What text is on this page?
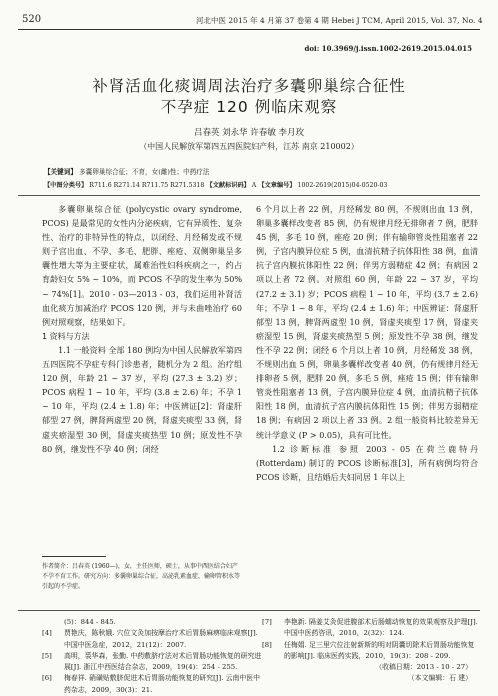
520	河北中医 2015 年 4 月第 37 卷第 4 期 Hebei J TCM, April 2015, Vol. 37, No. 4
doi: 10.3969/j.issn.1002-2619.2015.04.015
补肾活血化痰调周法治疗多囊卵巢综合征性
不孕症 120 例临床观察
吕春英 刘永华 许春敏 李月玫
（中国人民解放军第四五四医院妇产科，江苏 南京 210002）
【关键词】 多囊卵巢综合征；不育，女(雌)性；中药疗法
【中图分类号】 R711.6 R271.14 R711.75 R271.5318 【文献标识码】 A 【文章编号】 1002-2619(2015)04-0520-03

多囊卵巢综合征 (polycystic ovary syndrome, PCOS) 是最常见的女性内分泌疾病，它有异质性、复杂性、治疗的非特异性的特点，以闭经、月经稀发或不规则子宫出血、不孕、多毛、肥胖、痤疮、双侧卵巢呈多囊性增大等为主要症状，属难治性妇科疾病之一，约占育龄妇女 5% ~ 10%，而 PCOS 不孕的发生率为 50% ~ 74%[1]。2010 - 03—2013 - 03，我们运用补肾活血化痰方加减治疗 PCOS 120 例，并与未曲唑治疗 60 例对照观察，结果如下。

1 资料与方法

1.1 一般资料 全部 180 例均为中国人民解放军第四五四医院不孕症专科门诊患者，随机分为 2 组。治疗组 120 例，年龄 21 ~ 37 岁，平均 (27.3 ± 3.2) 岁；PCOS 病程 1 ~ 10 年，平均 (3.8 ± 2.6) 年；不孕 1 ~ 10 年，平均 (2.4 ± 1.8) 年；中医辨证[2]：肾虚肝郁型 27 例，脾肾两虚型 20 例，肾虚夹痰型 33 例，肾虚夹瘀湿型 30 例，肾虚夹痰热型 10 例；原发性不孕 80 例，继发性不孕 40 例；闭经

作者简介：吕春英 (1960—)，女，主任医师，硕士，从事中西医结合妇产不孕不育工作。研究方向：多囊卵巢综合征，高泌乳素血症，输卵管积水等引起的不孕症。

6 个月以上者 22 例，月经稀发 80 例，不规则出血 13 例，卵巢多囊样改变者 85 例，仍有规律月经无排卵者 7 例，肥胖 45 例，多毛 10 例，痤疮 20 例；伴有输卵管炎性阻塞者 22 例，子宫内膜异位症 5 例，血清抗精子抗体阳性 38 例，血清抗子宫内膜抗体阳性 22 例；伴男方弱精症 42 例；有病因 2 项以上者 72 例。对照组 60 例，年龄 22 ~ 37 岁，平均 (27.2 ± 3.1) 岁；PCOS 病程 1 ~ 10 年，平均 (3.7 ± 2.6) 年；不孕 1 ~ 8 年，平均 (2.4 ± 1.6) 年；中医辨证：肾虚肝郁型 13 例，脾肾两虚型 10 例，肾虚夹痰型 17 例，肾虚夹瘀湿型 15 例，肾虚夹痰热型 5 例；原发性不孕 38 例，继发性不孕 22 例；闭经 6 个月以上者 10 例，月经稀发 38 例，不规则出血 5 例，卵巢多囊样改变者 40 例，仍有规律月经无排卵者 5 例，肥胖 20 例，多毛 5 例，痤疮 15 例；伴有输卵管炎性阻塞者 13 例，子宫内膜异位症 4 例，血清抗精子抗体阳性 18 例，血清抗子宫内膜抗体阳性 15 例；伴男方弱精症 18 例；有病因 2 项以上者 33 例。2 组一般资料比较差异无统计学意义 (P > 0.05)，具有可比性。

1.2 诊断标准 参照 2003 - 05 在荷兰鹿特丹 (Rotterdam) 制订的 PCOS 诊断标准[3]，所有病例均符合 PCOS 诊断，且结婚后夫妇同居 1 年以上

(5)：844 - 845.
[4]	贾艳庆，陈秋娥. 穴位文灸加按摩治疗术后胃肠麻痹临床观察[J]. 中国中医急症，2012，21(12)：2007.
[5]	高明，裘华森，张勤. 中药敷脐疗法对术后胃肠功能恢复的研究进展[J]. 浙江中西医结合杂志，2009，19(4)：254 - 255.
[6]	梅春祥. 硝磺贴敷脐促进术后胃肠功能恢复的研究[J]. 云南中医中药杂志，2009，30(3)：21.
[7]	李艳新. 隔姜艾灸促进腹部术后肠蠕动恢复的效果观察及护理[J]. 中国中医药咨讯，2010，2(32)：124.
[8]	任梅娟. 足三里穴位注射新斯的明对阴囊切除术后胃肠功能恢复的影响[J]. 临床医药实践，2010，19(3)：208 - 209.
（收稿日期：2013 - 10 - 27）
（本文编辑：石 建）
